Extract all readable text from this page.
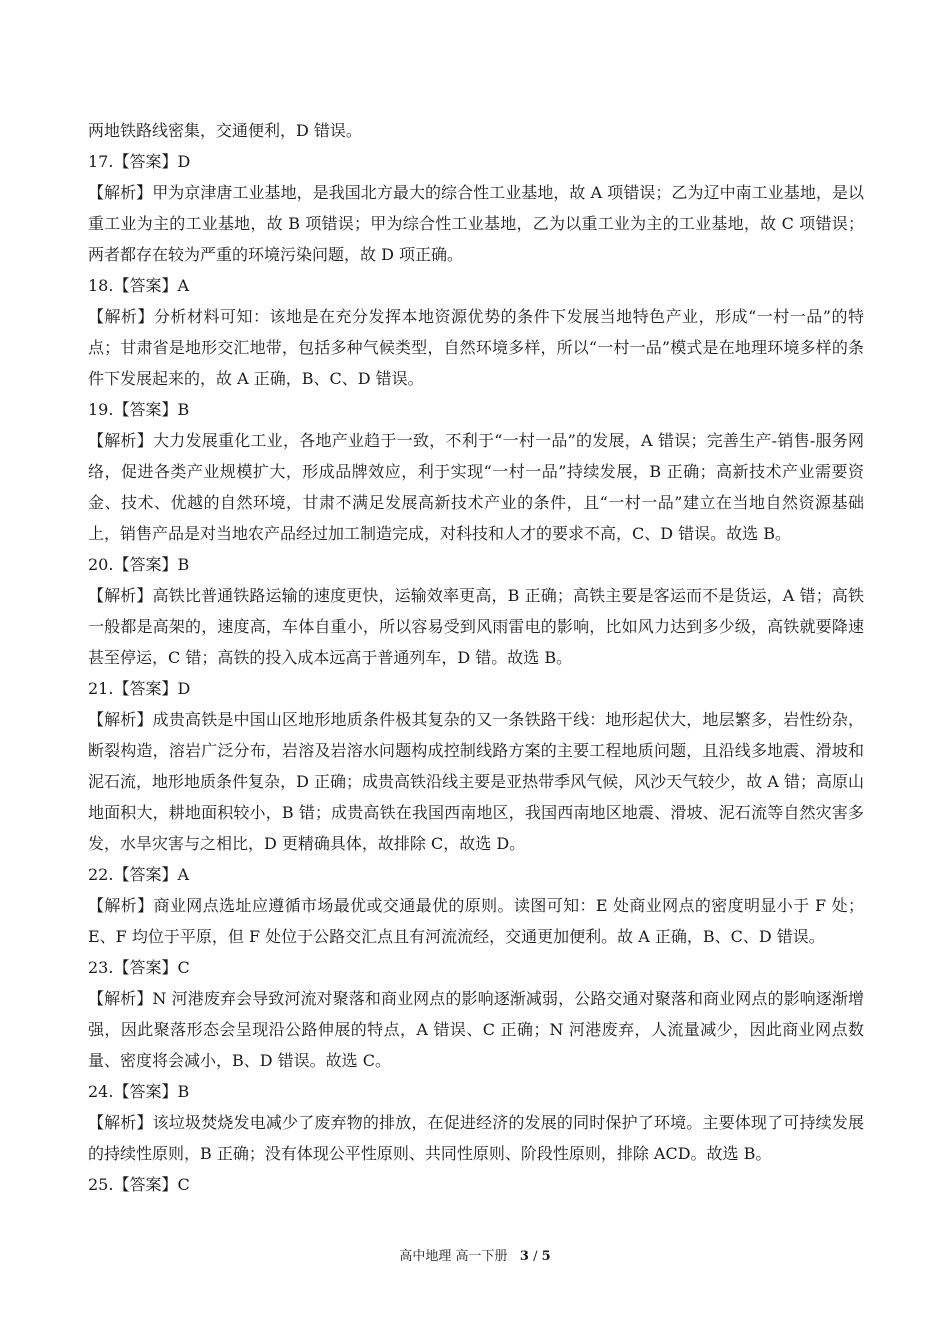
两地铁路线密集，交通便利，D 错误。

17.【答案】D

【解析】甲为京津唐工业基地，是我国北方最大的综合性工业基地，故 A 项错误；乙为辽中南工业基地，是以重工业为主的工业基地，故 B 项错误；甲为综合性工业基地，乙为以重工业为主的工业基地，故 C 项错误；两者都存在较为严重的环境污染问题，故 D 项正确。

18.【答案】A

【解析】分析材料可知：该地是在充分发挥本地资源优势的条件下发展当地特色产业，形成“一村一品”的特点；甘肃省是地形交汇地带，包括多种气候类型，自然环境多样，所以“一村一品”模式是在地理环境多样的条件下发展起来的，故 A 正确，B、C、D 错误。

19.【答案】B

【解析】大力发展重化工业，各地产业趋于一致，不利于“一村一品”的发展，A 错误；完善生产-销售-服务网络，促进各类产业规模扩大，形成品牌效应，利于实现“一村一品”持续发展，B 正确；高新技术产业需要资金、技术、优越的自然环境，甘肃不满足发展高新技术产业的条件，且“一村一品”建立在当地自然资源基础上，销售产品是对当地农产品经过加工制造完成，对科技和人才的要求不高，C、D 错误。故选 B。

20.【答案】B

【解析】高铁比普通铁路运输的速度更快，运输效率更高，B 正确；高铁主要是客运而不是货运，A 错；高铁一般都是高架的，速度高，车体自重小，所以容易受到风雨雷电的影响，比如风力达到多少级，高铁就要降速甚至停运，C 错；高铁的投入成本远高于普通列车，D 错。故选 B。

21.【答案】D

【解析】成贵高铁是中国山区地形地质条件极其复杂的又一条铁路干线：地形起伏大，地层繁多，岩性纷杂，断裂构造，溶岩广泛分布，岩溶及岩溶水问题构成控制线路方案的主要工程地质问题，且沿线多地震、滑坡和泥石流，地形地质条件复杂，D 正确；成贵高铁沿线主要是亚热带季风气候，风沙天气较少，故 A 错；高原山地面积大，耕地面积较小，B 错；成贵高铁在我国西南地区，我国西南地区地震、滑坡、泥石流等自然灾害多发，水旱灾害与之相比，D 更精确具体，故排除 C，故选 D。

22.【答案】A

【解析】商业网点选址应遵循市场最优或交通最优的原则。读图可知：E 处商业网点的密度明显小于 F 处；E、F 均位于平原，但 F 处位于公路交汇点且有河流流经，交通更加便利。故 A 正确，B、C、D 错误。

23.【答案】C

【解析】N 河港废弃会导致河流对聚落和商业网点的影响逐渐减弱，公路交通对聚落和商业网点的影响逐渐增强，因此聚落形态会呈现沿公路伸展的特点，A 错误、C 正确；N 河港废弃，人流量减少，因此商业网点数量、密度将会减小，B、D 错误。故选 C。

24.【答案】B

【解析】该垃圾焚烧发电减少了废弃物的排放，在促进经济的发展的同时保护了环境。主要体现了可持续发展的持续性原则，B 正确；没有体现公平性原则、共同性原则、阶段性原则，排除 ACD。故选 B。

25.【答案】C

高中地理 高一下册 3 / 5
